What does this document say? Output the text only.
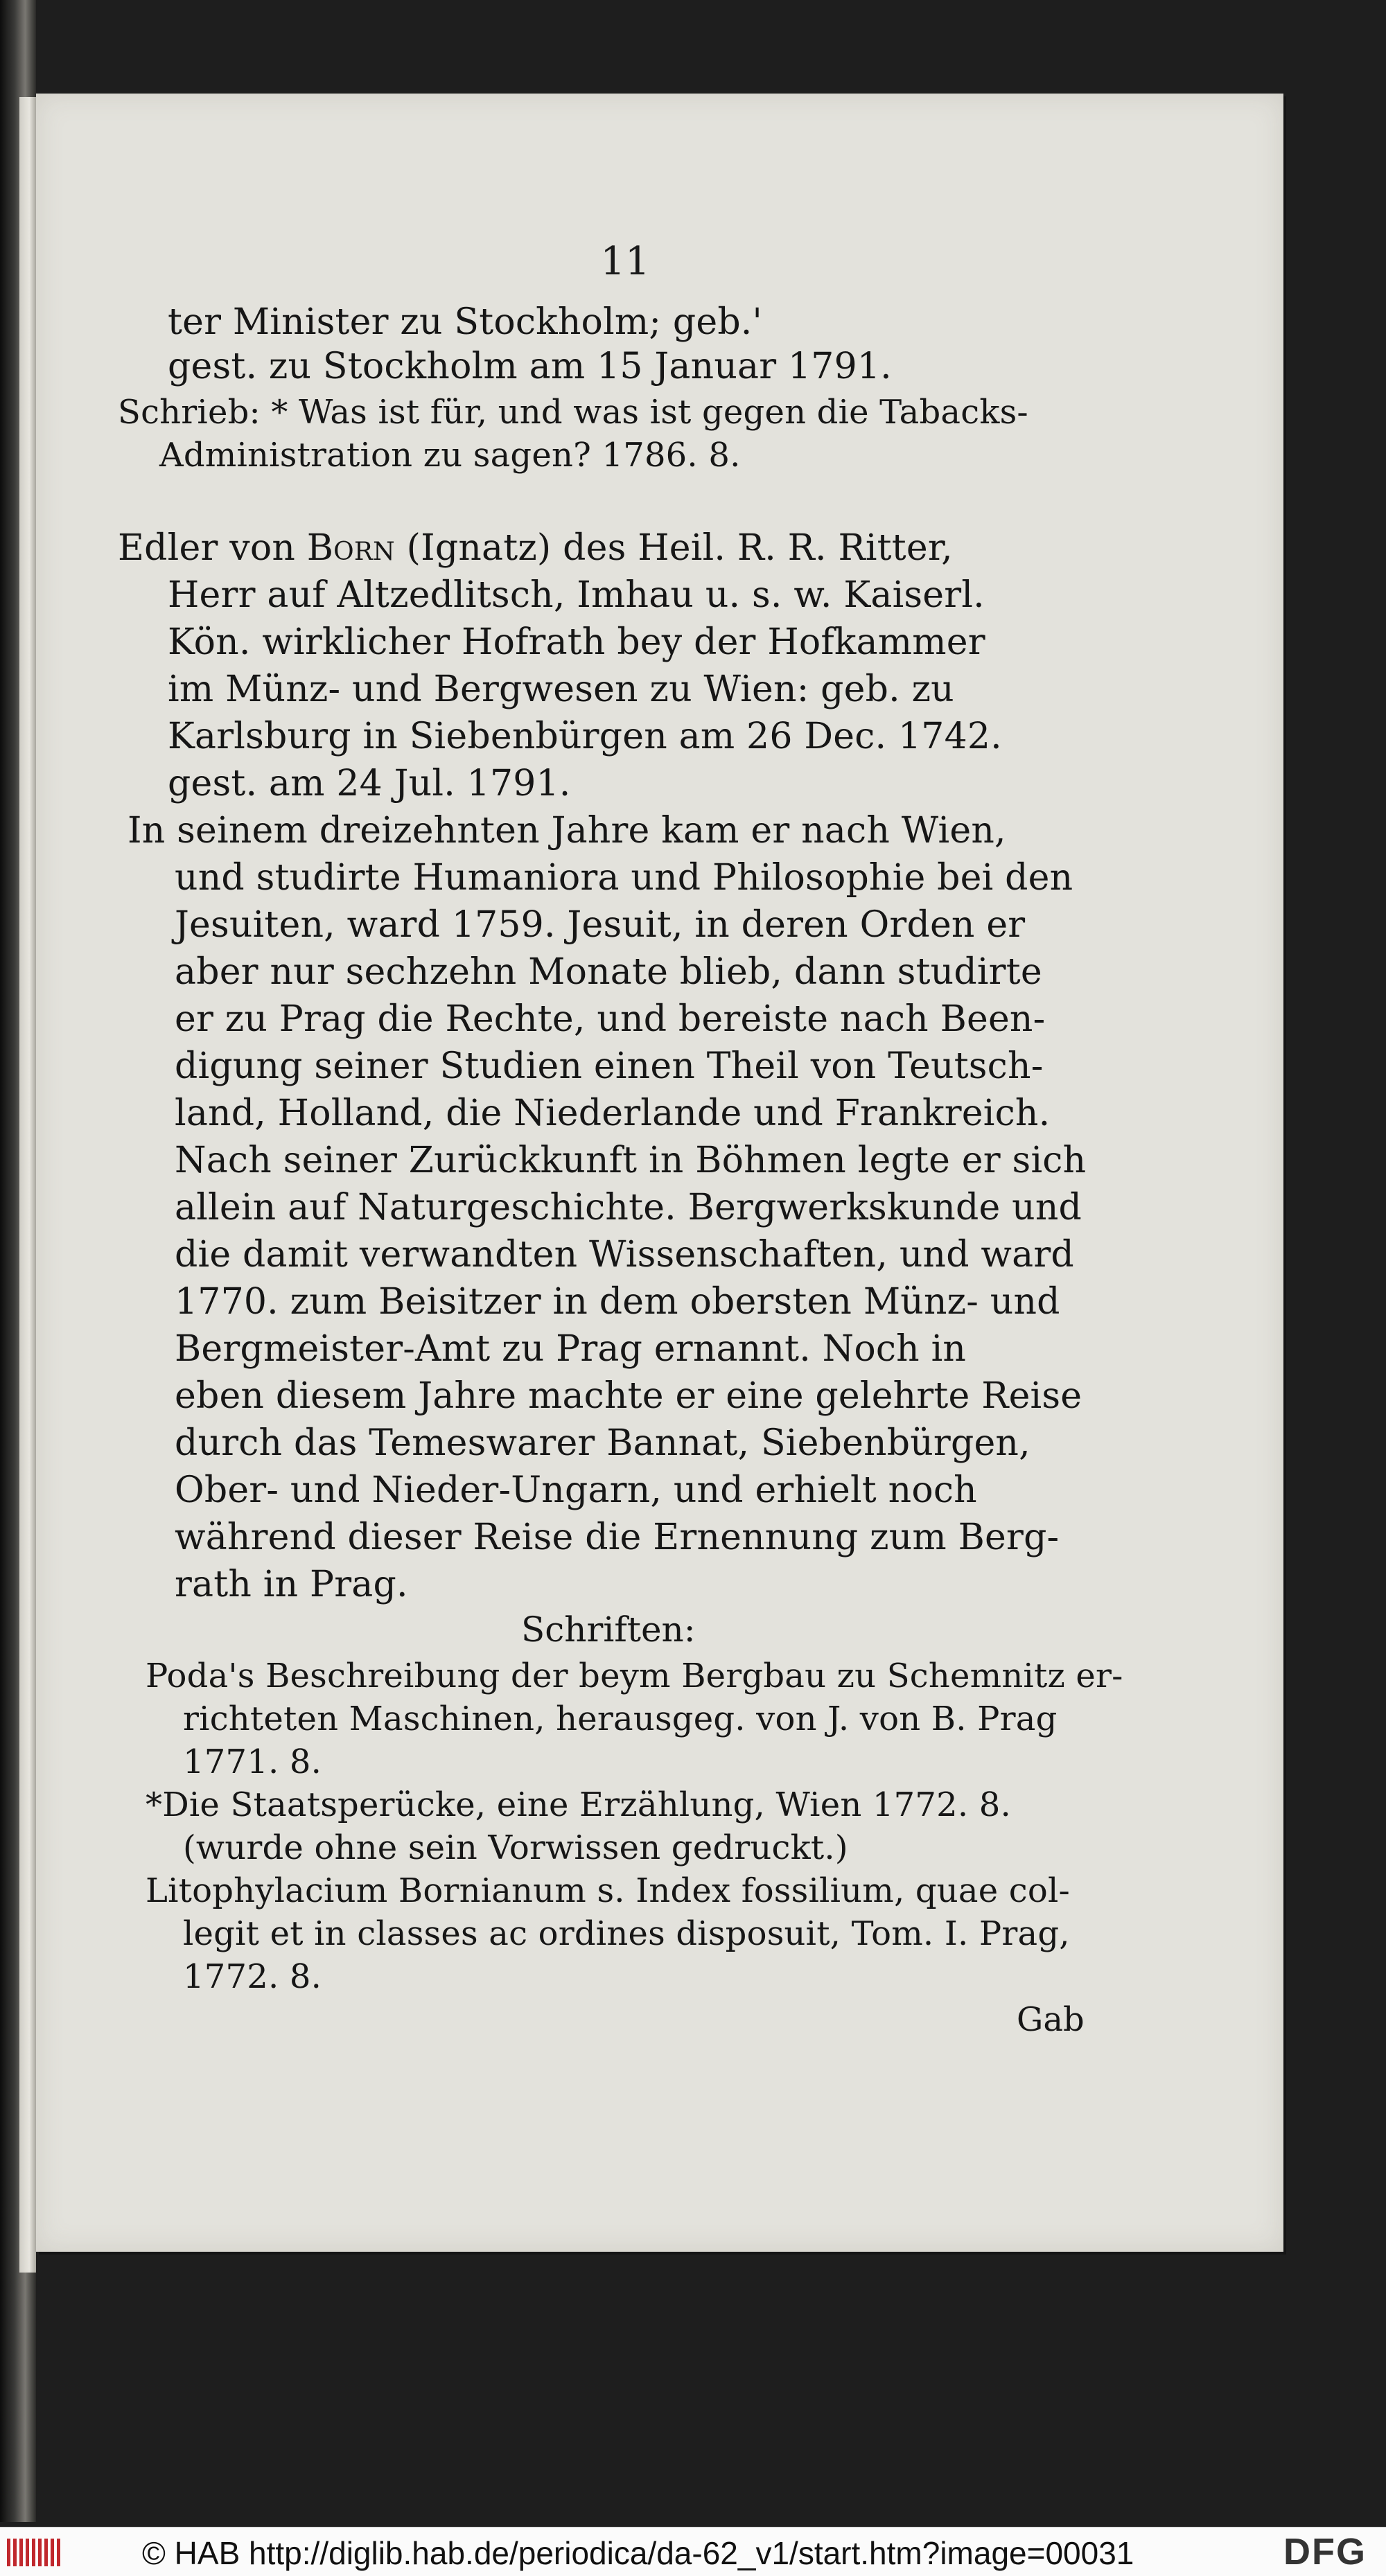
11
ter Minister zu Stockholm; geb.'
gest. zu Stockholm am 15 Januar 1791.
Schrieb: * Was ist für, und was ist gegen die Tabacks-
Administration zu sagen? 1786. 8.
Edler von Born (Ignatz) des Heil. R. R. Ritter,
Herr auf Altzedlitsch, Imhau u. s. w. Kaiserl.
Kön. wirklicher Hofrath bey der Hofkammer
im Münz- und Bergwesen zu Wien: geb. zu
Karlsburg in Siebenbürgen am 26 Dec. 1742.
gest. am 24 Jul. 1791.
In seinem dreizehnten Jahre kam er nach Wien,
und studirte Humaniora und Philosophie bei den
Jesuiten, ward 1759. Jesuit, in deren Orden er
aber nur sechzehn Monate blieb, dann studirte
er zu Prag die Rechte, und bereiste nach Been-
digung seiner Studien einen Theil von Teutsch-
land, Holland, die Niederlande und Frankreich.
Nach seiner Zurückkunft in Böhmen legte er sich
allein auf Naturgeschichte. Bergwerkskunde und
die damit verwandten Wissenschaften, und ward
1770. zum Beisitzer in dem obersten Münz- und
Bergmeister-Amt zu Prag ernannt. Noch in
eben diesem Jahre machte er eine gelehrte Reise
durch das Temeswarer Bannat, Siebenbürgen,
Ober- und Nieder-Ungarn, und erhielt noch
während dieser Reise die Ernennung zum Berg-
rath in Prag.
Schriften:
Poda's Beschreibung der beym Bergbau zu Schemnitz er-
richteten Maschinen, herausgeg. von J. von B. Prag
1771. 8.
*Die Staatsperücke, eine Erzählung, Wien 1772. 8.
(wurde ohne sein Vorwissen gedruckt.)
Litophylacium Bornianum s. Index fossilium, quae col-
legit et in classes ac ordines disposuit, Tom. I. Prag,
1772. 8.
Gab
© HAB http://diglib.hab.de/periodica/da-62_v1/start.htm?image=00031	DFG
